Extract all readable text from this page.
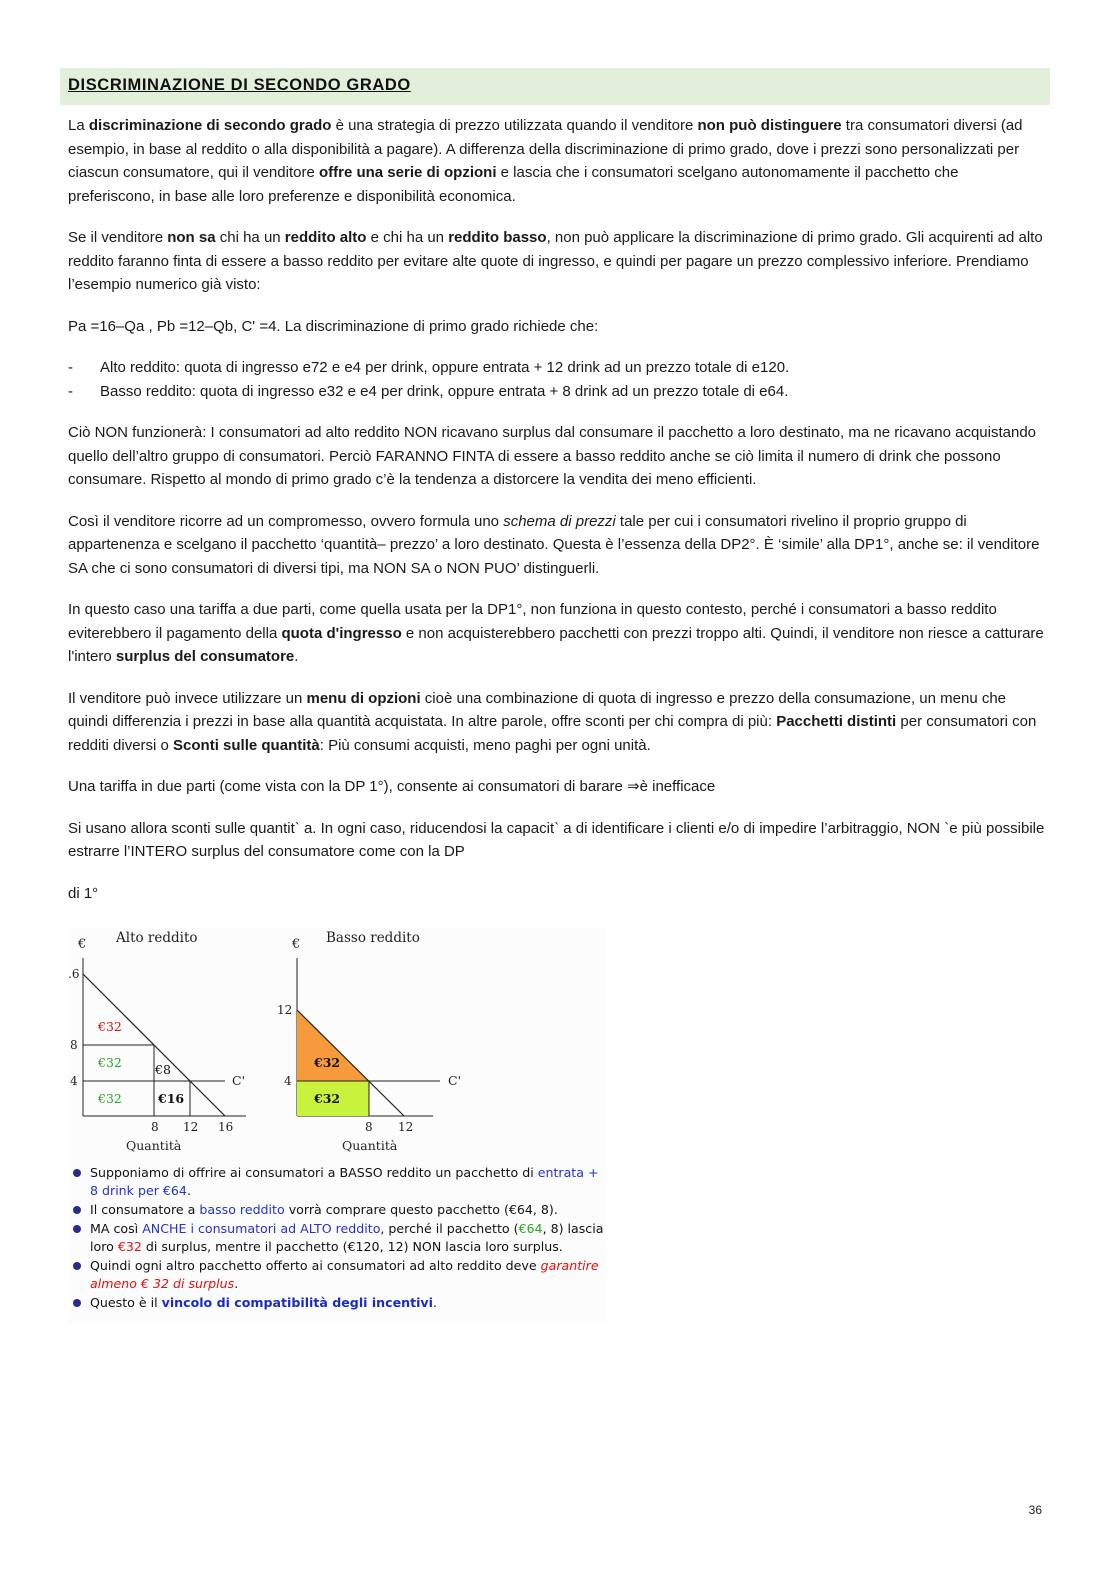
DISCRIMINAZIONE DI SECONDO GRADO

La discriminazione di secondo grado è una strategia di prezzo utilizzata quando il venditore non può distinguere tra consumatori diversi (ad esempio, in base al reddito o alla disponibilità a pagare). A differenza della discriminazione di primo grado, dove i prezzi sono personalizzati per ciascun consumatore, qui il venditore offre una serie di opzioni e lascia che i consumatori scelgano autonomamente il pacchetto che preferiscono, in base alle loro preferenze e disponibilità economica.

Se il venditore non sa chi ha un reddito alto e chi ha un reddito basso, non può applicare la discriminazione di primo grado. Gli acquirenti ad alto reddito faranno finta di essere a basso reddito per evitare alte quote di ingresso, e quindi per pagare un prezzo complessivo inferiore. Prendiamo l’esempio numerico già visto:

Pa =16–Qa , Pb =12–Qb, C' =4. La discriminazione di primo grado richiede che:

- Alto reddito: quota di ingresso e72 e e4 per drink, oppure entrata + 12 drink ad un prezzo totale di e120.
- Basso reddito: quota di ingresso e32 e e4 per drink, oppure entrata + 8 drink ad un prezzo totale di e64.

Ciò NON funzionerà: I consumatori ad alto reddito NON ricavano surplus dal consumare il pacchetto a loro destinato, ma ne ricavano acquistando quello dell’altro gruppo di consumatori. Perciò FARANNO FINTA di essere a basso reddito anche se ciò limita il numero di drink che possono consumare. Rispetto al mondo di primo grado c’è la tendenza a distorcere la vendita dei meno efficienti.

Così il venditore ricorre ad un compromesso, ovvero formula uno schema di prezzi tale per cui i consumatori rivelino il proprio gruppo di appartenenza e scelgano il pacchetto ‘quantità– prezzo’ a loro destinato. Questa è l’essenza della DP2°. È ‘simile’ alla DP1°, anche se: il venditore SA che ci sono consumatori di diversi tipi, ma NON SA o NON PUO’ distinguerli.

In questo caso una tariffa a due parti, come quella usata per la DP1°, non funziona in questo contesto, perché i consumatori a basso reddito eviterebbero il pagamento della quota d'ingresso e non acquisterebbero pacchetti con prezzi troppo alti. Quindi, il venditore non riesce a catturare l'intero surplus del consumatore.

Il venditore può invece utilizzare un menu di opzioni cioè una combinazione di quota di ingresso e prezzo della consumazione, un menu che quindi differenzia i prezzi in base alla quantità acquistata. In altre parole, offre sconti per chi compra di più: Pacchetti distinti per consumatori con redditi diversi o Sconti sulle quantità: Più consumi acquisti, meno paghi per ogni unità.

Una tariffa in due parti (come vista con la DP 1°), consente ai consumatori di barare ⇒è inefficace

Si usano allora sconti sulle quantit` a. In ogni caso, riducendosi la capacit` a di identificare i clienti e/o di impedire l’arbitraggio, NON `e più possibile estrarre l’INTERO surplus del consumatore come con la DP

di 1°

Alto reddito
€
C'
.6
8
4
8 12 16
Quantità
€32
€32
€32
€8
€16
Basso reddito
€
C'
12
4
8 12
Quantità
€32
€32
Supponiamo di offrire ai consumatori a BASSO reddito un pacchetto di entrata + 8 drink per €64.
Il consumatore a basso reddito vorrà comprare questo pacchetto (€64, 8).
MA così ANCHE i consumatori ad ALTO reddito, perché il pacchetto (€64, 8) lascia loro €32 di surplus, mentre il pacchetto (€120, 12) NON lascia loro surplus.
Quindi ogni altro pacchetto offerto ai consumatori ad alto reddito deve garantire almeno € 32 di surplus.
Questo è il vincolo di compatibilità degli incentivi.
36
